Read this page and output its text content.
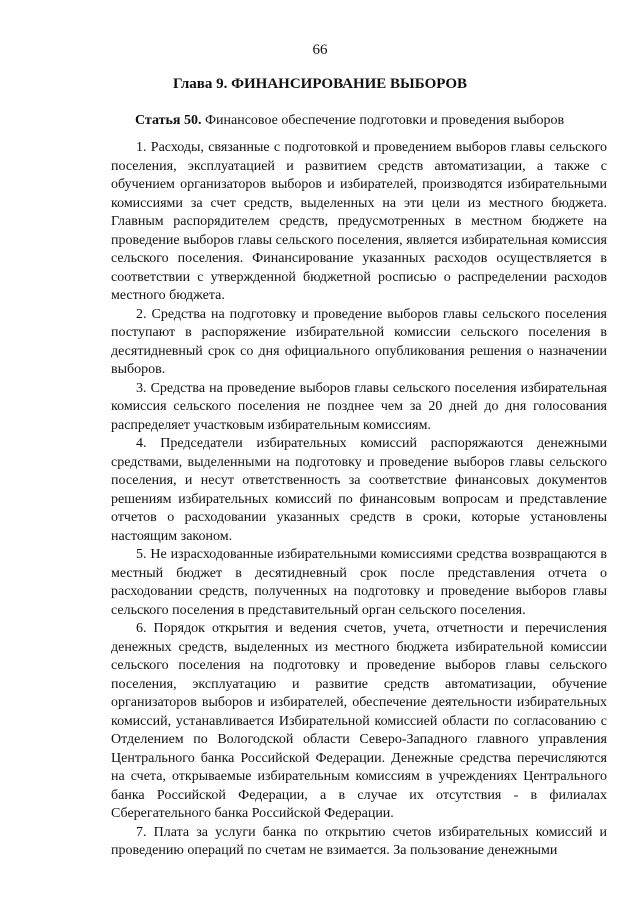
66
Глава 9. ФИНАНСИРОВАНИЕ ВЫБОРОВ
Статья 50. Финансовое обеспечение подготовки и проведения выборов

1. Расходы, связанные с подготовкой и проведением выборов главы сельского поселения, эксплуатацией и развитием средств автоматизации, а также с обучением организаторов выборов и избирателей, производятся избирательными комиссиями за счет средств, выделенных на эти цели из местного бюджета. Главным распорядителем средств, предусмотренных в местном бюджете на проведение выборов главы сельского поселения, является избирательная комиссия сельского поселения. Финансирование указанных расходов осуществляется в соответствии с утвержденной бюджетной росписью о распределении расходов местного бюджета.

2. Средства на подготовку и проведение выборов главы сельского поселения поступают в распоряжение избирательной комиссии сельского поселения в десятидневный срок со дня официального опубликования решения о назначении выборов.

3. Средства на проведение выборов главы сельского поселения избирательная комиссия сельского поселения не позднее чем за 20 дней до дня голосования распределяет участковым избирательным комиссиям.

4. Председатели избирательных комиссий распоряжаются денежными средствами, выделенными на подготовку и проведение выборов главы сельского поселения, и несут ответственность за соответствие финансовых документов решениям избирательных комиссий по финансовым вопросам и представление отчетов о расходовании указанных средств в сроки, которые установлены настоящим законом.

5. Не израсходованные избирательными комиссиями средства возвращаются в местный бюджет в десятидневный срок после представления отчета о расходовании средств, полученных на подготовку и проведение выборов главы сельского поселения в представительный орган сельского поселения.

6. Порядок открытия и ведения счетов, учета, отчетности и перечисления денежных средств, выделенных из местного бюджета избирательной комиссии сельского поселения на подготовку и проведение выборов главы сельского поселения, эксплуатацию и развитие средств автоматизации, обучение организаторов выборов и избирателей, обеспечение деятельности избирательных комиссий, устанавливается Избирательной комиссией области по согласованию с Отделением по Вологодской области Северо-Западного главного управления Центрального банка Российской Федерации. Денежные средства перечисляются на счета, открываемые избирательным комиссиям в учреждениях Центрального банка Российской Федерации, а в случае их отсутствия - в филиалах Сберегательного банка Российской Федерации.

7. Плата за услуги банка по открытию счетов избирательных комиссий и проведению операций по счетам не взимается. За пользование денежными
